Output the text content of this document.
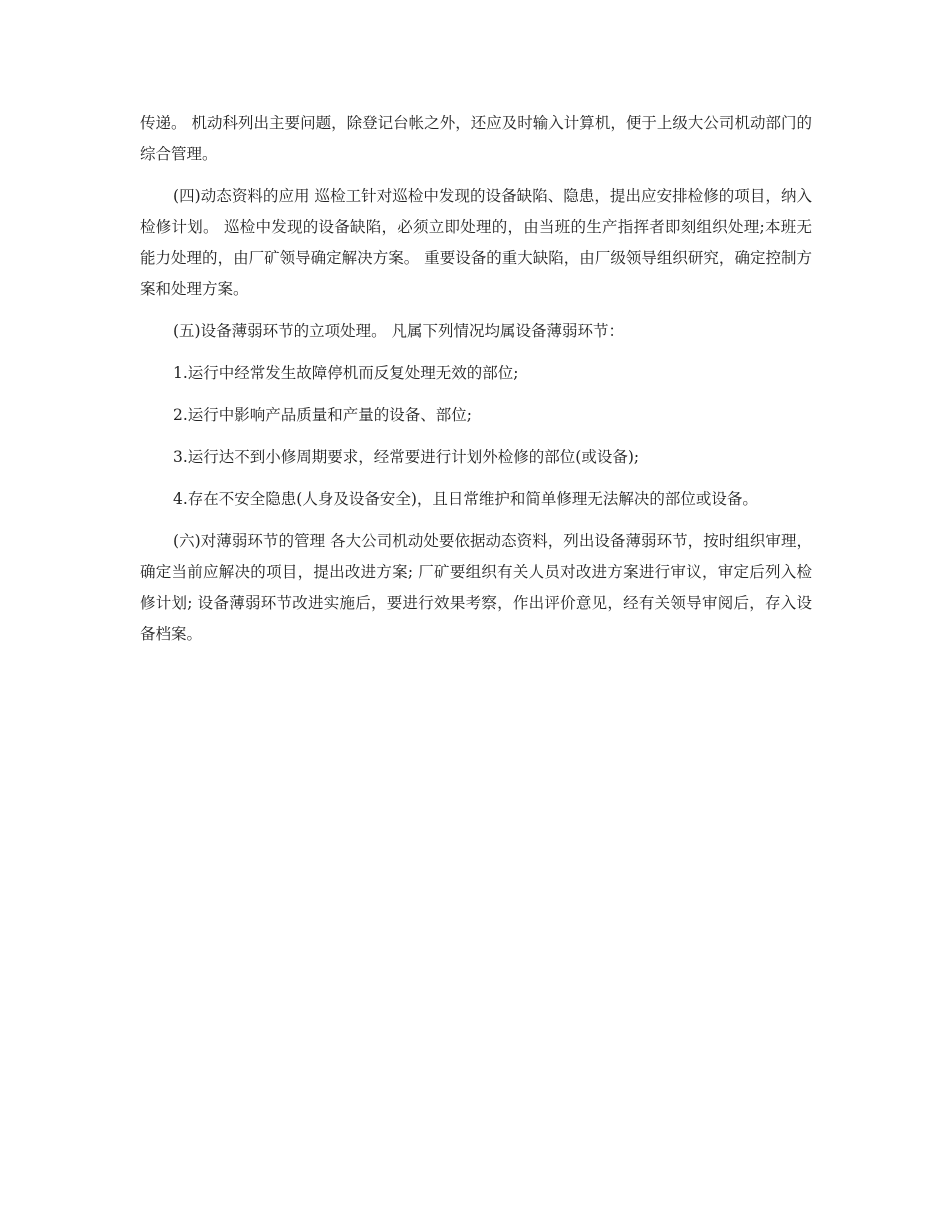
传递。 机动科列出主要问题，除登记台帐之外，还应及时输入计算机，便于上级大公司机动部门的综合管理。

(四)动态资料的应用 巡检工针对巡检中发现的设备缺陷、隐患，提出应安排检修的项目，纳入检修计划。 巡检中发现的设备缺陷，必须立即处理的，由当班的生产指挥者即刻组织处理;本班无能力处理的，由厂矿领导确定解决方案。 重要设备的重大缺陷，由厂级领导组织研究，确定控制方案和处理方案。

(五)设备薄弱环节的立项处理。 凡属下列情况均属设备薄弱环节：

1.运行中经常发生故障停机而反复处理无效的部位;

2.运行中影响产品质量和产量的设备、部位;

3.运行达不到小修周期要求，经常要进行计划外检修的部位(或设备);

4.存在不安全隐患(人身及设备安全)，且日常维护和简单修理无法解决的部位或设备。

(六)对薄弱环节的管理 各大公司机动处要依据动态资料，列出设备薄弱环节，按时组织审理，确定当前应解决的项目，提出改进方案; 厂矿要组织有关人员对改进方案进行审议，审定后列入检修计划; 设备薄弱环节改进实施后，要进行效果考察，作出评价意见，经有关领导审阅后，存入设备档案。
